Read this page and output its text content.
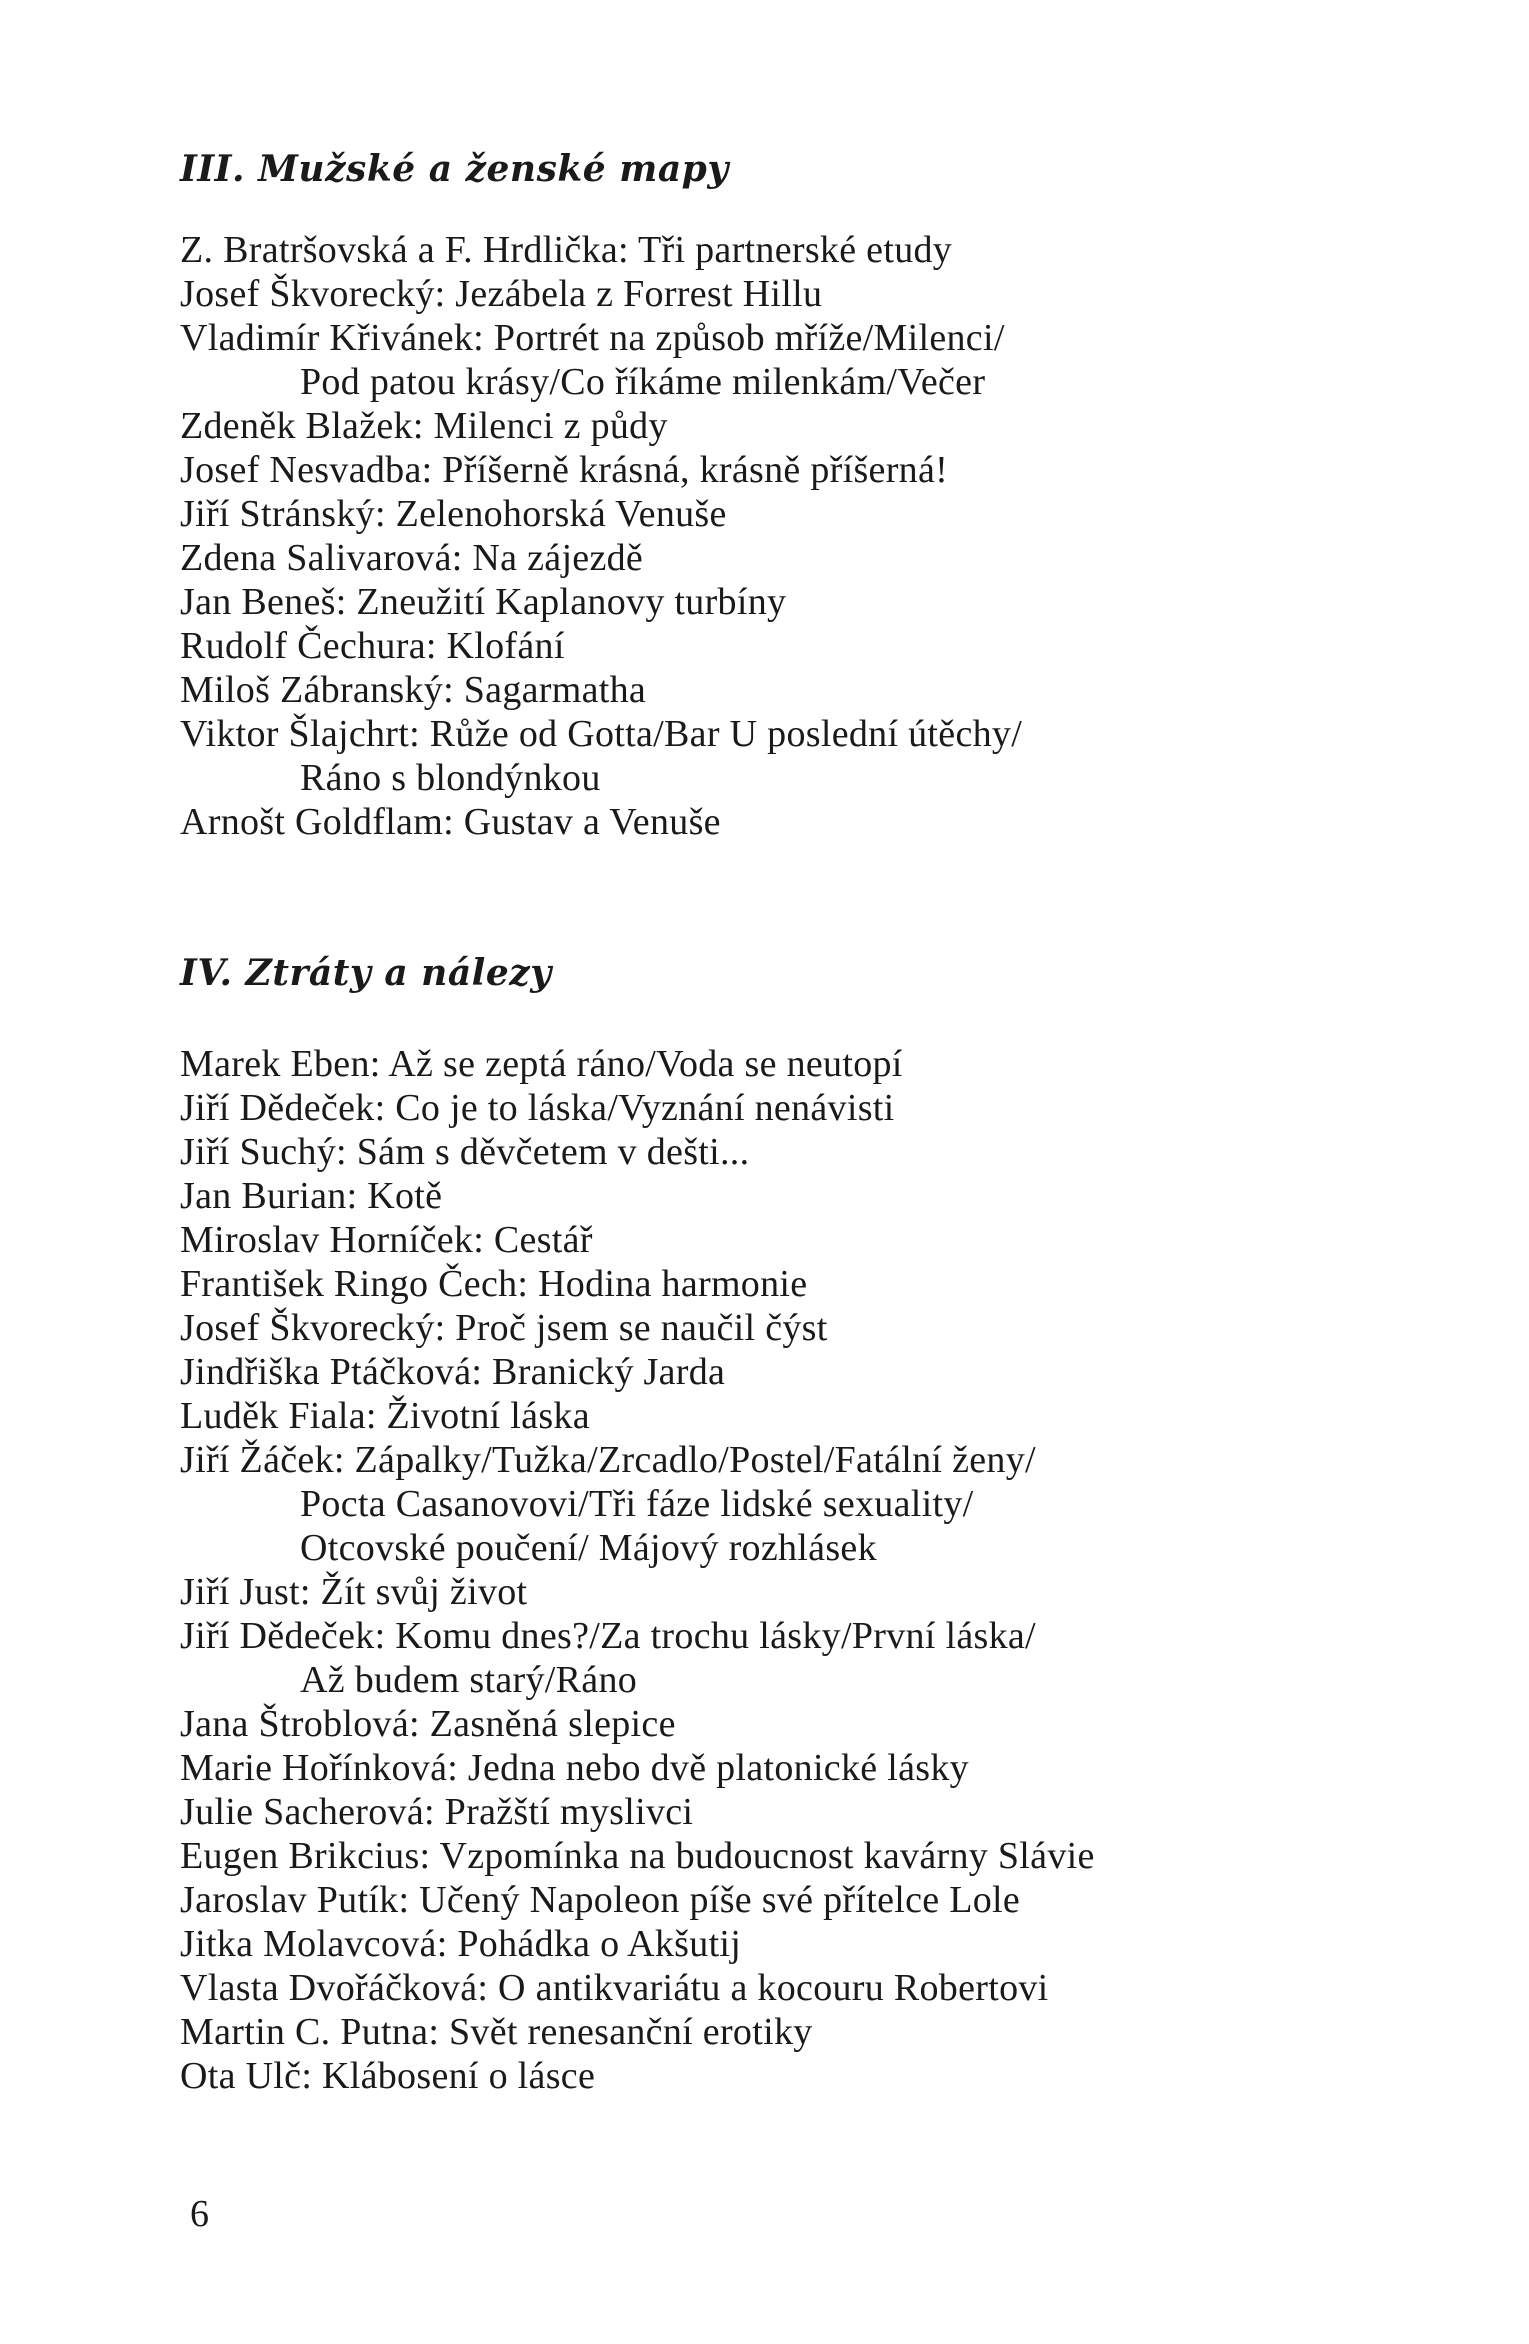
III. Mužské a ženské mapy
Z. Bratršovská a F. Hrdlička: Tři partnerské etudy
Josef Škvorecký: Jezábela z Forrest Hillu
Vladimír Křivánek: Portrét na způsob mříže/Milenci/
Pod patou krásy/Co říkáme milenkám/Večer
Zdeněk Blažek: Milenci z půdy
Josef Nesvadba: Příšerně krásná, krásně příšerná!
Jiří Stránský: Zelenohorská Venuše
Zdena Salivarová: Na zájezdě
Jan Beneš: Zneužití Kaplanovy turbíny
Rudolf Čechura: Klofání
Miloš Zábranský: Sagarmatha
Viktor Šlajchrt: Růže od Gotta/Bar U poslední útěchy/
Ráno s blondýnkou
Arnošt Goldflam: Gustav a Venuše
IV. Ztráty a nálezy
Marek Eben: Až se zeptá ráno/Voda se neutopí
Jiří Dědeček: Co je to láska/Vyznání nenávisti
Jiří Suchý: Sám s děvčetem v dešti...
Jan Burian: Kotě
Miroslav Horníček: Cestář
František Ringo Čech: Hodina harmonie
Josef Škvorecký: Proč jsem se naučil čýst
Jindřiška Ptáčková: Branický Jarda
Luděk Fiala: Životní láska
Jiří Žáček: Zápalky/Tužka/Zrcadlo/Postel/Fatální ženy/
Pocta Casanovovi/Tři fáze lidské sexuality/
Otcovské poučení/ Májový rozhlásek
Jiří Just: Žít svůj život
Jiří Dědeček: Komu dnes?/Za trochu lásky/První láska/
Až budem starý/Ráno
Jana Štroblová: Zasněná slepice
Marie Hořínková: Jedna nebo dvě platonické lásky
Julie Sacherová: Pražští myslivci
Eugen Brikcius: Vzpomínka na budoucnost kavárny Slávie
Jaroslav Putík: Učený Napoleon píše své přítelce Lole
Jitka Molavcová: Pohádka o Akšutij
Vlasta Dvořáčková: O antikvariátu a kocouru Robertovi
Martin C. Putna: Svět renesanční erotiky
Ota Ulč: Klábosení o lásce
6
